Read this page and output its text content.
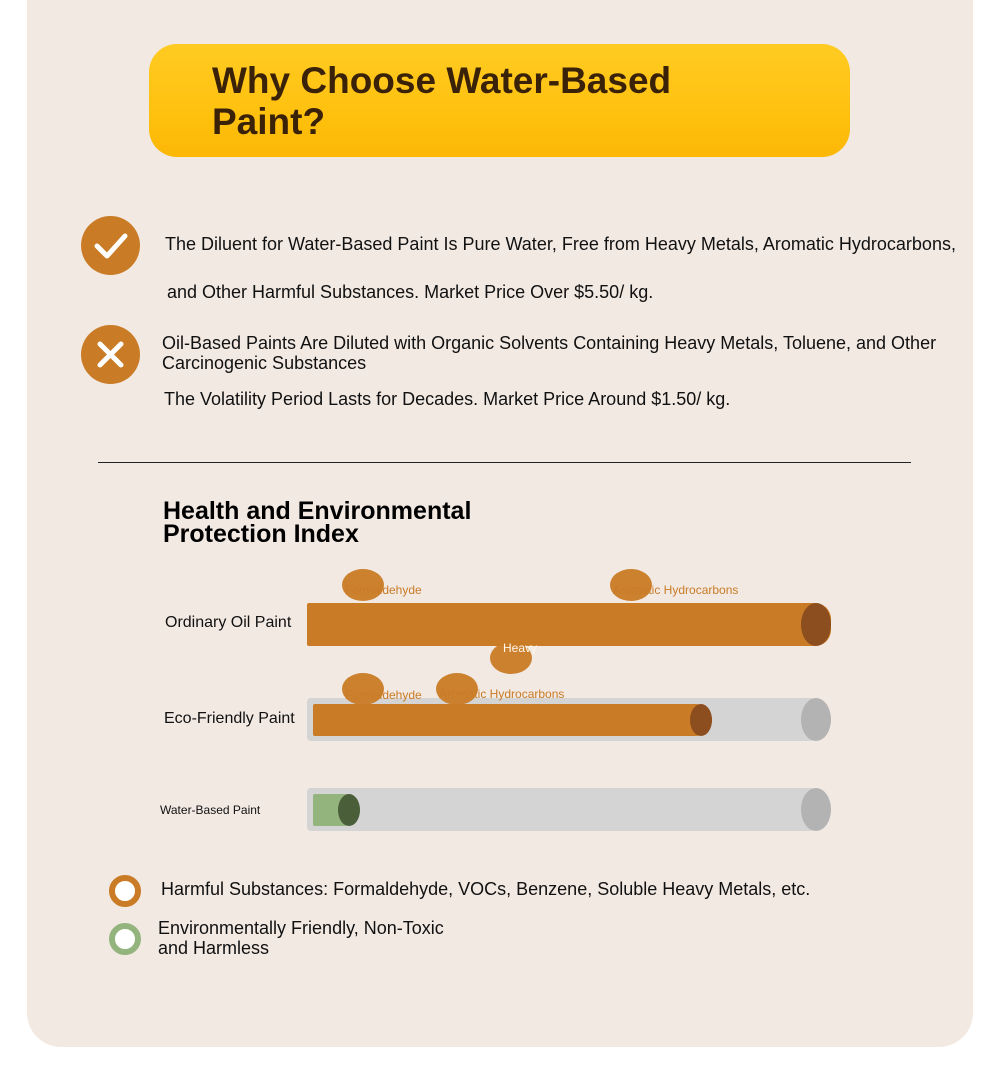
Why Choose Water-Based Paint?
The Diluent for Water-Based Paint Is Pure Water, Free from Heavy Metals, Aromatic Hydrocarbons,
and Other Harmful Substances. Market Price Over $5.50/ kg.
Oil-Based Paints Are Diluted with Organic Solvents Containing Heavy Metals, Toluene, and Other Carcinogenic Substances
The Volatility Period Lasts for Decades. Market Price Around $1.50/ kg.
Health and Environmental Protection Index
Ordinary Oil Paint
Formaldehyde	Aromatic Hydrocarbons
Heavy
Eco-Friendly Paint
Formaldehyde Aromatic Hydrocarbons
Water-Based Paint
Harmful Substances: Formaldehyde, VOCs, Benzene, Soluble Heavy Metals, etc.
Environmentally Friendly, Non-Toxic and Harmless
